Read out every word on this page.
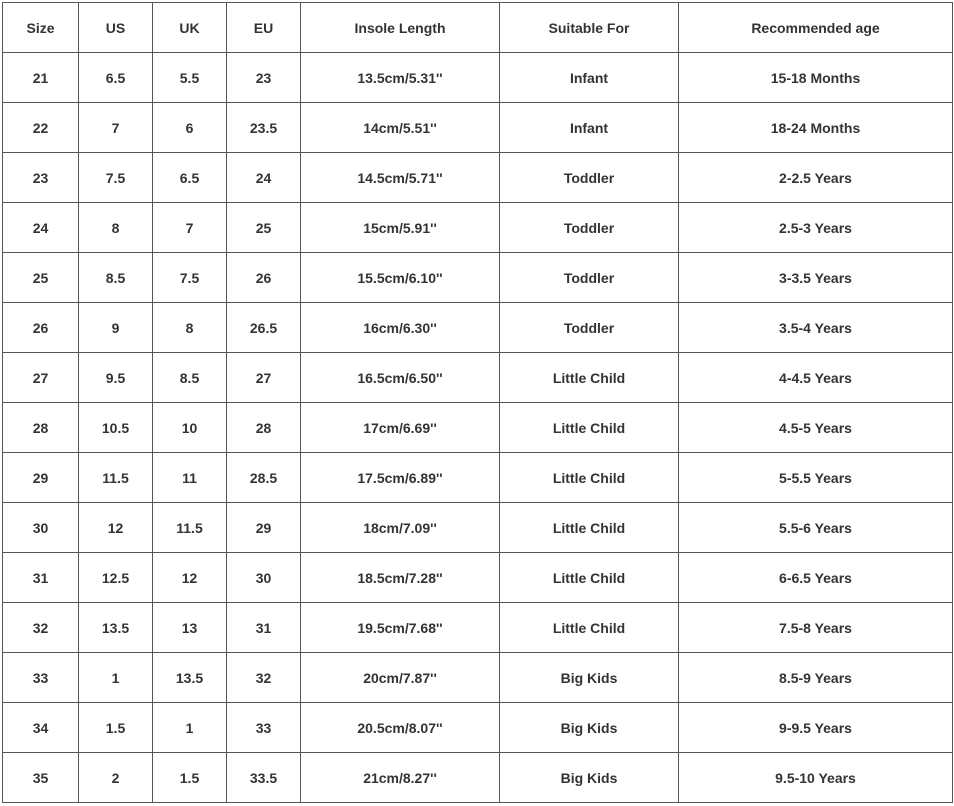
Size	US	UK	EU	Insole Length	Suitable For	Recommended age
21	6.5	5.5	23	13.5cm/5.31''	Infant	15-18 Months
22	7	6	23.5	14cm/5.51''	Infant	18-24 Months
23	7.5	6.5	24	14.5cm/5.71''	Toddler	2-2.5 Years
24	8	7	25	15cm/5.91''	Toddler	2.5-3 Years
25	8.5	7.5	26	15.5cm/6.10''	Toddler	3-3.5 Years
26	9	8	26.5	16cm/6.30''	Toddler	3.5-4 Years
27	9.5	8.5	27	16.5cm/6.50''	Little Child	4-4.5 Years
28	10.5	10	28	17cm/6.69''	Little Child	4.5-5 Years
29	11.5	11	28.5	17.5cm/6.89''	Little Child	5-5.5 Years
30	12	11.5	29	18cm/7.09''	Little Child	5.5-6 Years
31	12.5	12	30	18.5cm/7.28''	Little Child	6-6.5 Years
32	13.5	13	31	19.5cm/7.68''	Little Child	7.5-8 Years
33	1	13.5	32	20cm/7.87''	Big Kids	8.5-9 Years
34	1.5	1	33	20.5cm/8.07''	Big Kids	9-9.5 Years
35	2	1.5	33.5	21cm/8.27''	Big Kids	9.5-10 Years
